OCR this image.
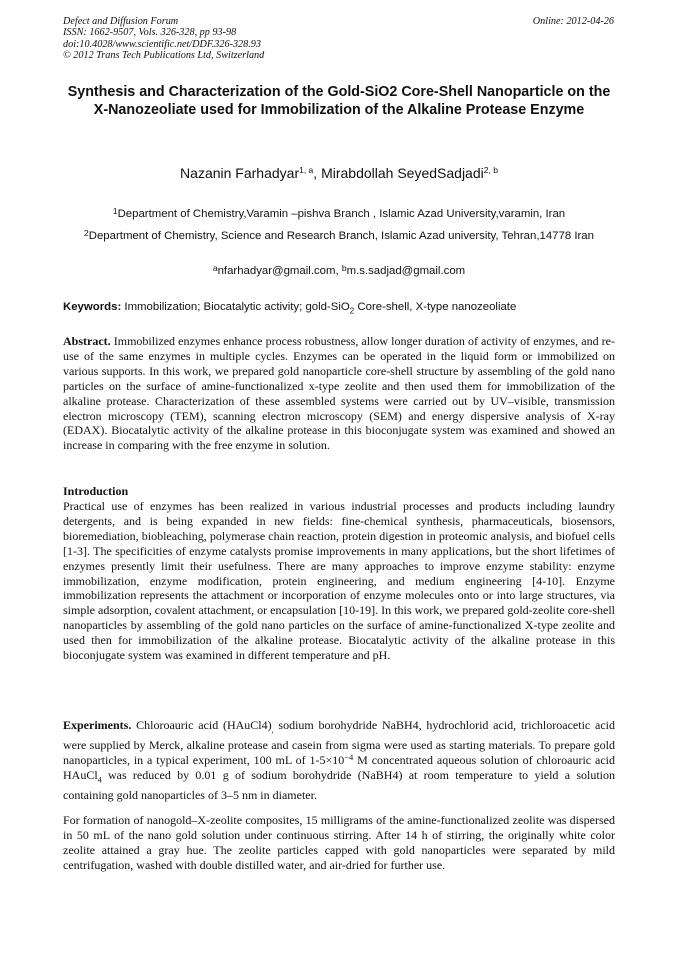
Defect and Diffusion Forum
ISSN: 1662-9507, Vols. 326-328, pp 93-98
doi:10.4028/www.scientific.net/DDF.326-328.93
© 2012 Trans Tech Publications Ltd, Switzerland
Online: 2012-04-26
Synthesis and Characterization of the Gold-SiO2 Core-Shell Nanoparticle on the X-Nanozeoliate used for Immobilization of the Alkaline Protease Enzyme
Nazanin Farhadyar$^{1, a}$, Mirabdollah SeyedSadjadi$^{2, b}$
$^1$Department of Chemistry,Varamin –pishva Branch , Islamic Azad University,varamin, Iran
$^2$Department of Chemistry, Science and Research Branch, Islamic Azad university, Tehran,14778 Iran
$^a$nfarhadyar@gmail.com, $^b$m.s.sadjad@gmail.com
Keywords: Immobilization; Biocatalytic activity; gold-SiO$_2$ Core-shell, X-type nanozeoliate
Abstract. Immobilized enzymes enhance process robustness, allow longer duration of activity of enzymes, and re-use of the same enzymes in multiple cycles. Enzymes can be operated in the liquid form or immobilized on various supports. In this work, we prepared gold nanoparticle core-shell structure by assembling of the gold nano particles on the surface of amine-functionalized x-type zeolite and then used them for immobilization of the alkaline protease. Characterization of these assembled systems were carried out by UV–visible, transmission electron microscopy (TEM), scanning electron microscopy (SEM) and energy dispersive analysis of X-ray (EDAX). Biocatalytic activity of the alkaline protease in this bioconjugate system was examined and showed an increase in comparing with the free enzyme in solution.
Introduction
Practical use of enzymes has been realized in various industrial processes and products including laundry detergents, and is being expanded in new fields: fine-chemical synthesis, pharmaceuticals, biosensors, bioremediation, biobleaching, polymerase chain reaction, protein digestion in proteomic analysis, and biofuel cells [1-3]. The specificities of enzyme catalysts promise improvements in many applications, but the short lifetimes of enzymes presently limit their usefulness. There are many approaches to improve enzyme stability: enzyme immobilization, enzyme modification, protein engineering, and medium engineering [4-10]. Enzyme immobilization represents the attachment or incorporation of enzyme molecules onto or into large structures, via simple adsorption, covalent attachment, or encapsulation [10-19]. In this work, we prepared gold-zeolite core-shell nanoparticles by assembling of the gold nano particles on the surface of amine-functionalized X-type zeolite and used then for immobilization of the alkaline protease. Biocatalytic activity of the alkaline protease in this bioconjugate system was examined in different temperature and pH.
Experiments. Chloroauric acid $(HAuCl4)_,$ sodium borohydride NaBH4, hydrochlorid acid, trichloroacetic acid were supplied by Merck, alkaline protease and casein from sigma were used as starting materials. To prepare gold nanoparticles, in a typical experiment, 100 mL of $1-5\times 10^{-4}$ M concentrated aqueous solution of chloroauric acid HAuCl$_4$ was reduced by 0.01 g of sodium borohydride (NaBH4) at room temperature to yield a solution containing gold nanoparticles of 3–5 nm in diameter.
For formation of nanogold–X-zeolite composites, 15 milligrams of the amine-functionalized zeolite was dispersed in 50 mL of the nano gold solution under continuous stirring. After 14 h of stirring, the originally white color zeolite attained a gray hue. The zeolite particles capped with gold nanoparticles were separated by mild centrifugation, washed with double distilled water, and air-dried for further use.
